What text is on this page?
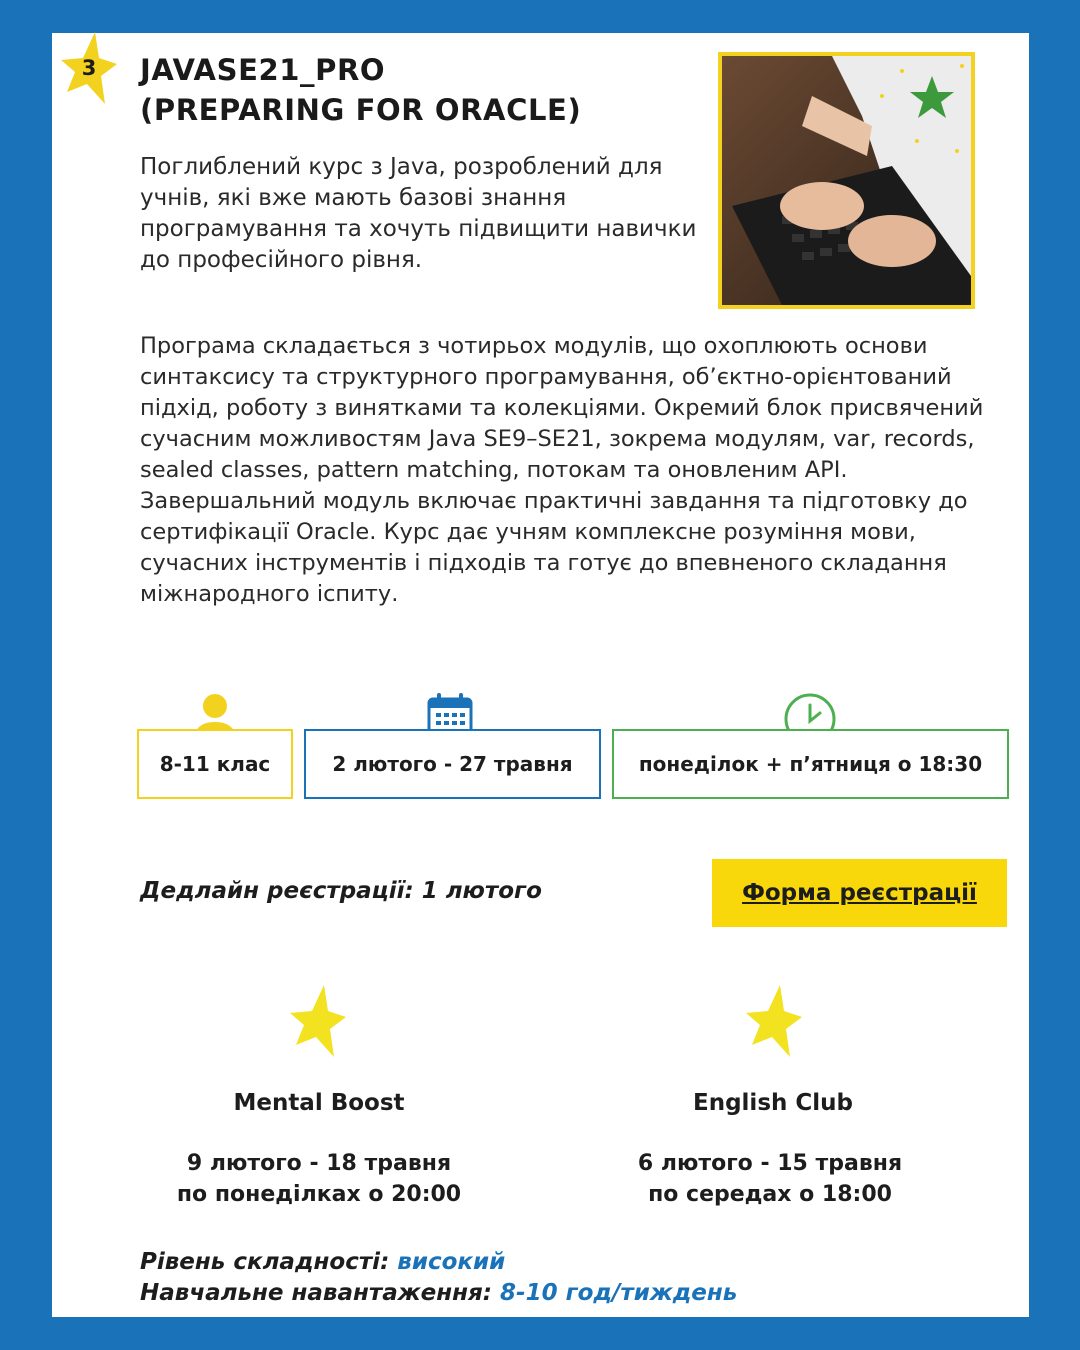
3 JAVASE21_PRO
(PREPARING FOR ORACLE)
Поглиблений курс з Java, розроблений для учнів, які вже мають базові знання програмування та хочуть підвищити навички до професійного рівня.
Програма складається з чотирьох модулів, що охоплюють основи синтаксису та структурного програмування, об’єктно-орієнтований підхід, роботу з винятками та колекціями. Окремий блок присвячений сучасним можливостям Java SE9–SE21, зокрема модулям, var, records, sealed classes, pattern matching, потокам та оновленим API. Завершальний модуль включає практичні завдання та підготовку до сертифікації Oracle. Курс дає учням комплексне розуміння мови, сучасних інструментів і підходів та готує до впевненого складання міжнародного іспиту.
8-11 клас	2 лютого - 27 травня	понеділок + п’ятниця о 18:30
Дедлайн реєстрації: 1 лютого	Форма реєстрації
Mental Boost
9 лютого - 18 травня
по понеділках о 20:00
English Club
6 лютого - 15 травня
по середах о 18:00
Рівень складності: високий
Навчальне навантаження: 8-10 год/тиждень
